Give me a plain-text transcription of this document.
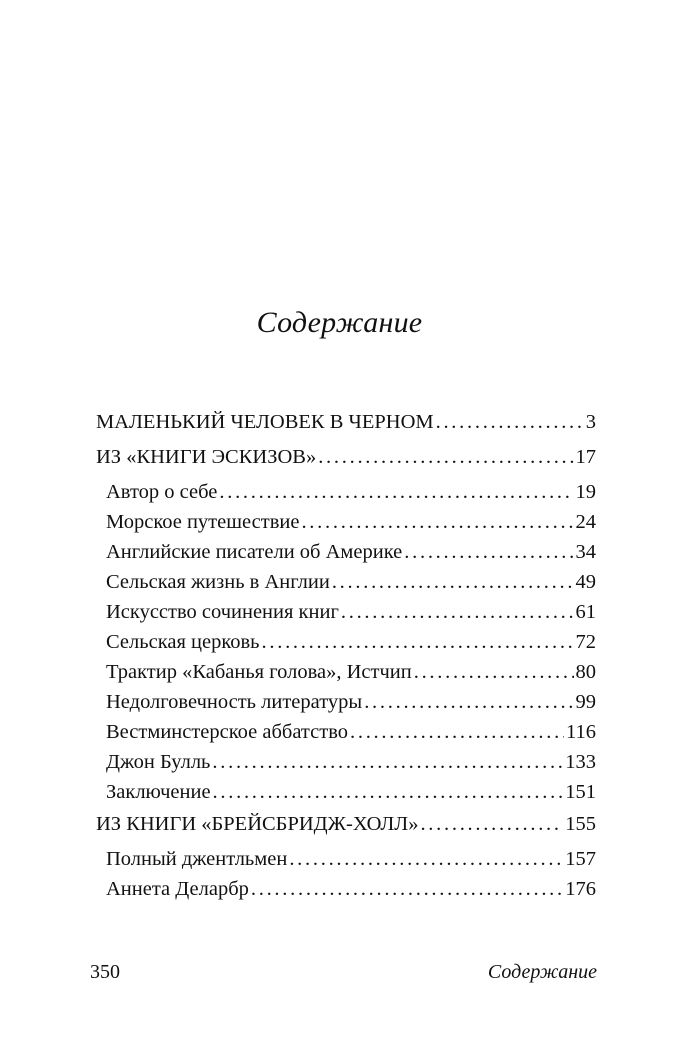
Содержание
МАЛЕНЬКИЙ ЧЕЛОВЕК В ЧЕРНОМ . . .	3
ИЗ «КНИГИ ЭСКИЗОВ» . . .	17
Автор о себе . . .	19
Морское путешествие . . .	24
Английские писатели об Америке . . .	34
Сельская жизнь в Англии . . .	49
Искусство сочинения книг . . .	61
Сельская церковь . . .	72
Трактир «Кабанья голова», Истчип . . .	80
Недолговечность литературы . . .	99
Вестминстерское аббатство . . .	116
Джон Булль . . .	133
Заключение . . .	151
ИЗ КНИГИ «БРЕЙСБРИДЖ-ХОЛЛ» . . .	155
Полный джентльмен . . .	157
Аннета Деларбр . . .	176
350	Содержание
